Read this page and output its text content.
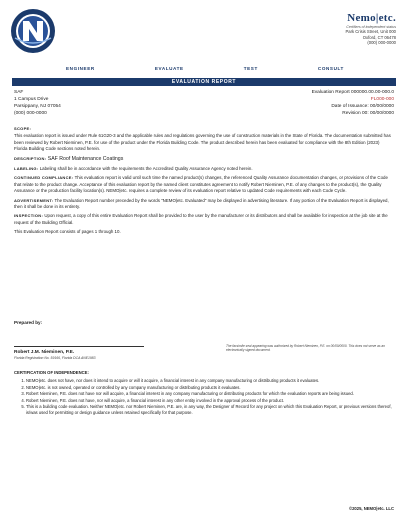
Nemo|etc.
Certifiers of independent status
Park Crisis Street, Unit 000
Oxford, CT 06478
(000) 000-0000
ENGINEER	EVALUATE	TEST	CONSULT
EVALUATION REPORT
SAF
1 Campus Drive
Parsippany, NJ 07054
(000) 000-0000
Evaluation Report 000000.00.00-000.0
FL000-000
Date of Issuance: 00/00/0000
Revision 00: 00/00/0000
SCOPE:

This evaluation report is issued under Rule 61G20-3 and the applicable rules and regulations governing the use of construction materials in the State of Florida. The documentation submitted has been reviewed by Robert Nieminen, P.E. for use of the product under the Florida Building Code. The product described herein has been evaluated for compliance with the 8th Edition (2023) Florida Building Code sections noted herein.

DESCRIPTION: SAF Roof Maintenance Coatings

LABELING: Labeling shall be in accordance with the requirements the Accredited Quality Assurance Agency noted herein.

CONTINUED COMPLIANCE: This evaluation report is valid until such time the named product(s) changes, the referenced Quality Assurance documentation changes, or provisions of the Code that relate to the product change. Acceptance of this evaluation report by the named client constitutes agreement to notify Robert Nieminen, P.E. of any changes to the product(s), the Quality Assurance or the production facility location(s). NEMO|etc. requires a complete review of its evaluation report relative to updated Code requirements with each Code Cycle.

ADVERTISEMENT: The Evaluation Report number preceded by the words "NEMO|etc. Evaluated" may be displayed in advertising literature. If any portion of the Evaluation Report is displayed, then it shall be done in its entirety.

INSPECTION: Upon request, a copy of this entire Evaluation Report shall be provided to the user by the manufacturer or its distributors and shall be available for inspection at the job site at the request of the Building Official.

This Evaluation Report consists of pages 1 through 10.

Prepared by:
Robert J.M. Nieminen, P.E.
Florida Registration No. 59166, Florida DCA ANE1983
The facsimile seal appearing was authorized by Robert Nieminen, P.E. on 00/00/0000. This does not serve as an electronically signed document.
CERTIFICATION OF INDEPENDENCE:
1. NEMO|etc. does not have, nor does it intend to acquire or will it acquire, a financial interest in any company manufacturing or distributing products it evaluates.
2. NEMO|etc. is not owned, operated or controlled by any company manufacturing or distributing products it evaluates.
3. Robert Nieminen, P.E. does not have nor will acquire, a financial interest in any company manufacturing or distributing products for which the evaluation reports are being issued.
4. Robert Nieminen, P.E. does not have, nor will acquire, a financial interest in any other entity involved in the approval process of the product.
5. This is a building code evaluation. Neither NEMO|etc. nor Robert Nieminen, P.E. are, in any way, the Designer of Record for any project on which this Evaluation Report, or previous versions thereof, is/was used for permitting or design guidance unless retained specifically for that purpose.
©2025, NEMO|etc. LLC
